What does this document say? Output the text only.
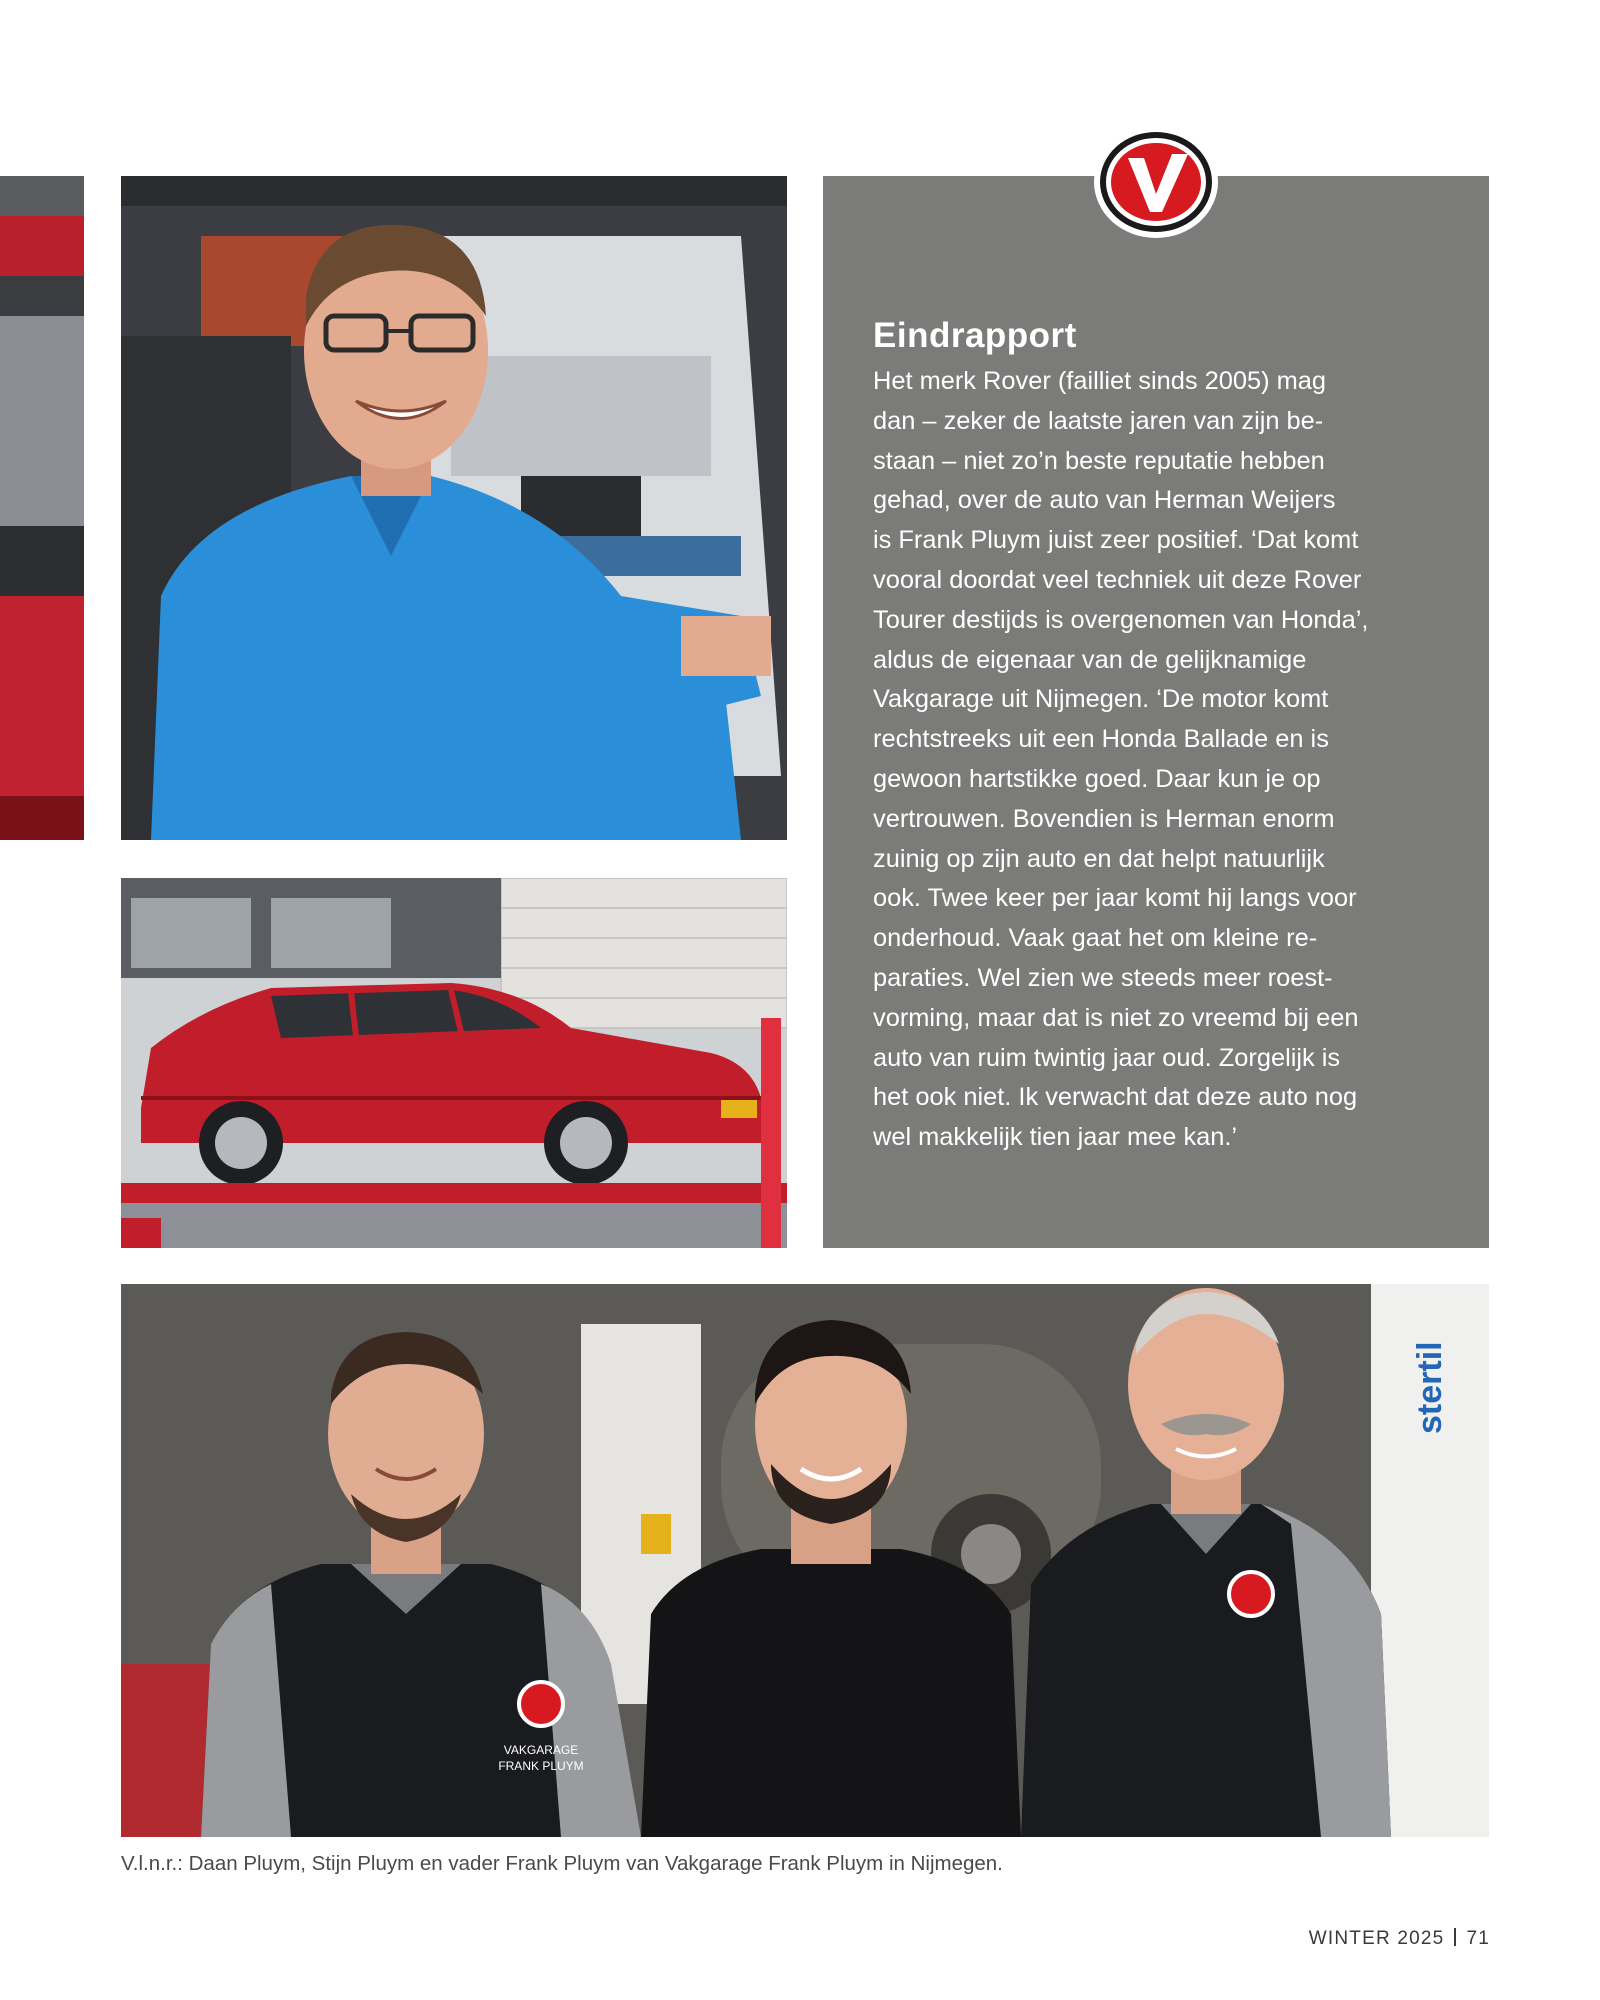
Eindrapport

Het merk Rover (failliet sinds 2005) mag
dan – zeker de laatste jaren van zijn be-
staan – niet zo’n beste reputatie hebben
gehad, over de auto van Herman Weijers
is Frank Pluym juist zeer positief. ‘Dat komt
vooral doordat veel techniek uit deze Rover
Tourer destijds is overgenomen van Honda’,
aldus de eigenaar van de gelijknamige
Vakgarage uit Nijmegen. ‘De motor komt
rechtstreeks uit een Honda Ballade en is
gewoon hartstikke goed. Daar kun je op
vertrouwen. Bovendien is Herman enorm
zuinig op zijn auto en dat helpt natuurlijk
ook. Twee keer per jaar komt hij langs voor
onderhoud. Vaak gaat het om kleine re-
paraties. Wel zien we steeds meer roest-
vorming, maar dat is niet zo vreemd bij een
auto van ruim twintig jaar oud. Zorgelijk is
het ook niet. Ik verwacht dat deze auto nog
wel makkelijk tien jaar mee kan.’

stertil
VAKGARAGE
FRANK PLUYM

V.l.n.r.: Daan Pluym, Stijn Pluym en vader Frank Pluym van Vakgarage Frank Pluym in Nijmegen.

WINTER 2025 71
